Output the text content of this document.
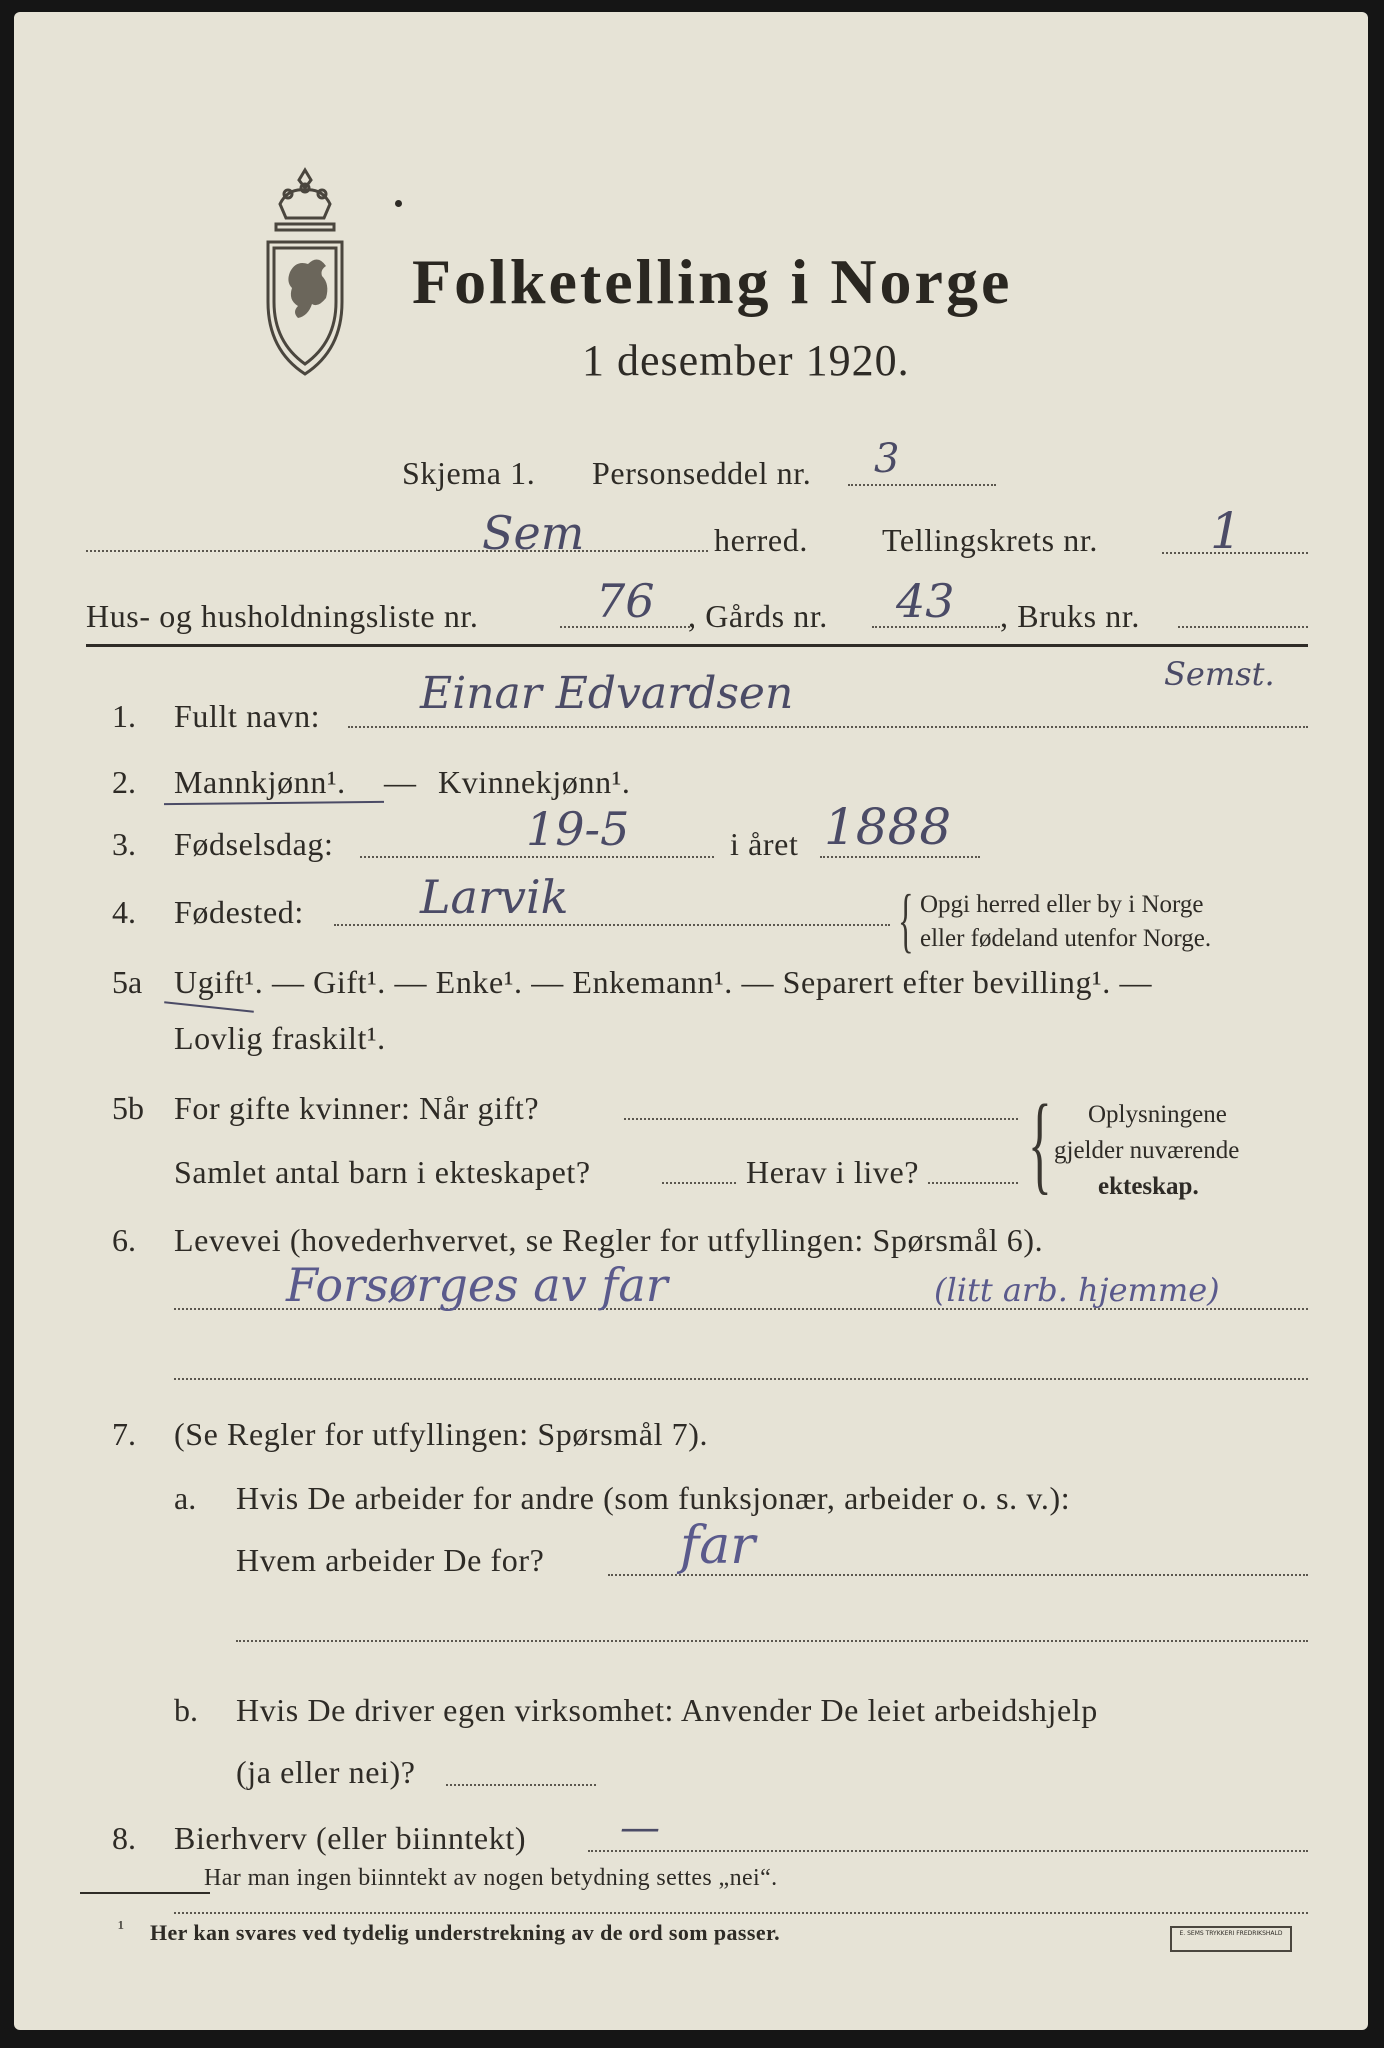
Folketelling i Norge
1 desember 1920.
Skjema 1. Personseddel nr. 3
Sem	herred. Tellingskrets nr. 1
Hus- og husholdningsliste nr.	76 , Gårds nr. 43 , Bruks nr.
1. Fullt navn: Einar Edvardsen	Semst.
2. Mannkjønn¹. — Kvinnekjønn¹.
3. Fødselsdag:	19-5	i året 1888
4. Fødested:	Larvik	{ Opgi herred eller by i Norge
eller fødeland utenfor Norge.
5a Ugift¹. — Gift¹. — Enke¹. — Enkemann¹. — Separert efter bevilling¹. —
Lovlig fraskilt¹.
5b For gifte kvinner: Når gift?
Samlet antal barn i ekteskapet?	Herav i live? { Oplysningene
gjelder nuværende
ekteskap.
6. Levevei (hovederhvervet, se Regler for utfyllingen: Spørsmål 6).
Forsørges av far	(litt arb. hjemme)
7. (Se Regler for utfyllingen: Spørsmål 7).
a. Hvis De arbeider for andre (som funksjonær, arbeider o. s. v.):
Hvem arbeider De for?	far
b. Hvis De driver egen virksomhet: Anvender De leiet arbeidshjelp
(ja eller nei)?
8. Bierhverv (eller biinntekt) —
Har man ingen biinntekt av nogen betydning settes „nei“.
¹ Her kan svares ved tydelig understrekning av de ord som passer.	E. SEMS TRYKKERI FREDRIKSHALD
